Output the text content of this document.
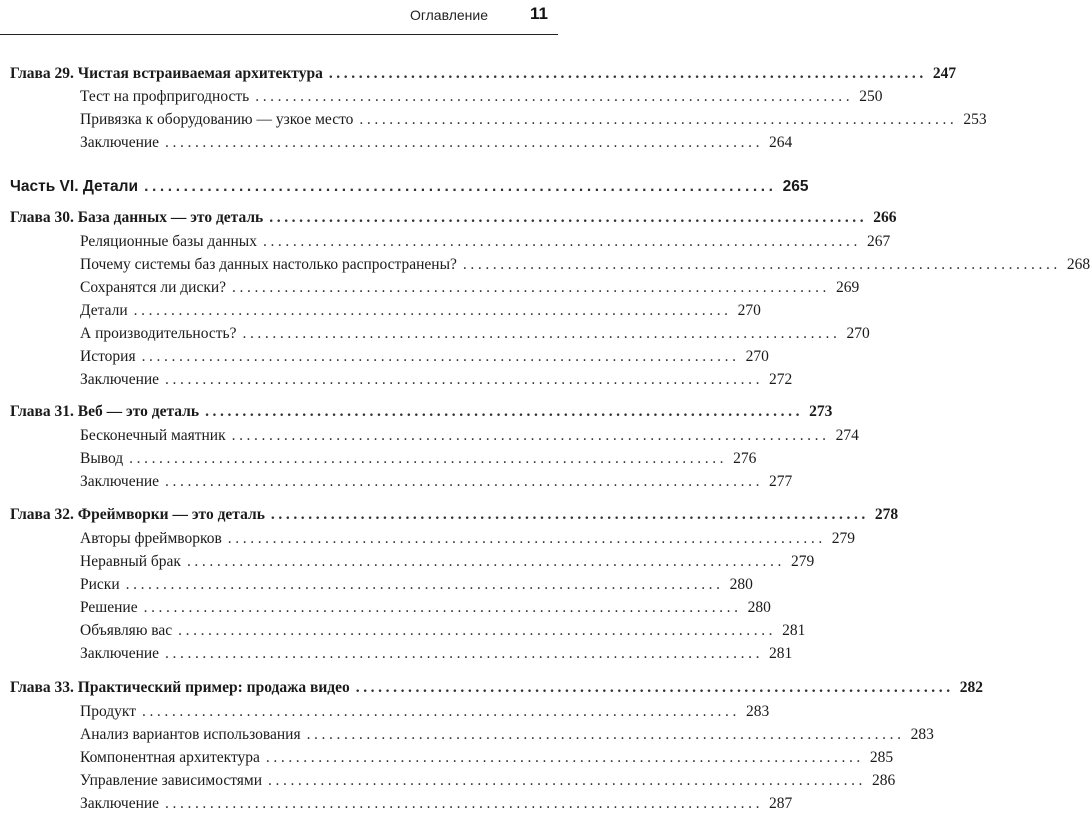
Оглавление 11
Глава 29. Чистая встраиваемая архитектура ................................................................................ 247
Тест на профпригодность ................................................................................ 250
Привязка к оборудованию — узкое место ................................................................................ 253
Заключение ................................................................................ 264
Часть VI. Детали ................................................................................ 265
Глава 30. База данных — это деталь ................................................................................ 266
Реляционные базы данных ................................................................................ 267
Почему системы баз данных настолько распространены? ................................................................................ 268
Сохранятся ли диски? ................................................................................ 269
Детали ................................................................................ 270
А производительность? ................................................................................ 270
История ................................................................................ 270
Заключение ................................................................................ 272
Глава 31. Веб — это деталь ................................................................................ 273
Бесконечный маятник ................................................................................ 274
Вывод ................................................................................ 276
Заключение ................................................................................ 277
Глава 32. Фреймворки — это деталь ................................................................................ 278
Авторы фреймворков ................................................................................ 279
Неравный брак ................................................................................ 279
Риски ................................................................................ 280
Решение ................................................................................ 280
Объявляю вас ................................................................................ 281
Заключение ................................................................................ 281
Глава 33. Практический пример: продажа видео ................................................................................ 282
Продукт ................................................................................ 283
Анализ вариантов использования ................................................................................ 283
Компонентная архитектура ................................................................................ 285
Управление зависимостями ................................................................................ 286
Заключение ................................................................................ 287
